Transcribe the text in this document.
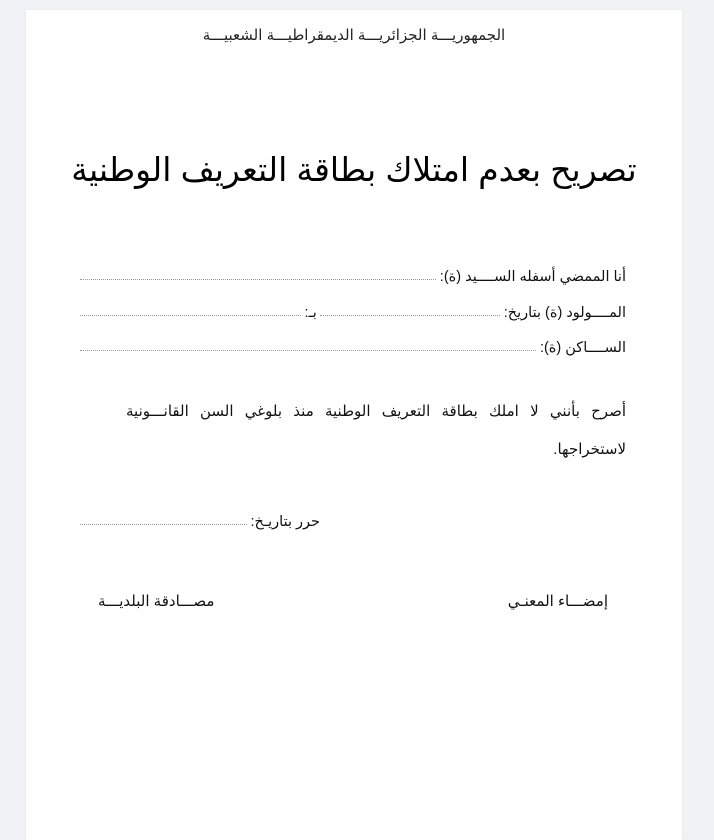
الجمهوريـــة الجزائريـــة الديمقراطيـــة الشعبيـــة
تصريح بعدم امتلاك بطاقة التعريف الوطنية
أنا الممضي أسفله الســــيد (ة):
المــــولود (ة) بتاريخ:
بـ:
الســــاكن (ة):
أصرح بأنني لا املك بطاقة التعريف الوطنية منذ بلوغي السن القانـــونية لاستخراجها.
حرر بتاريـخ:
إمضـــاء المعنـي
مصـــادقة البلديـــة
